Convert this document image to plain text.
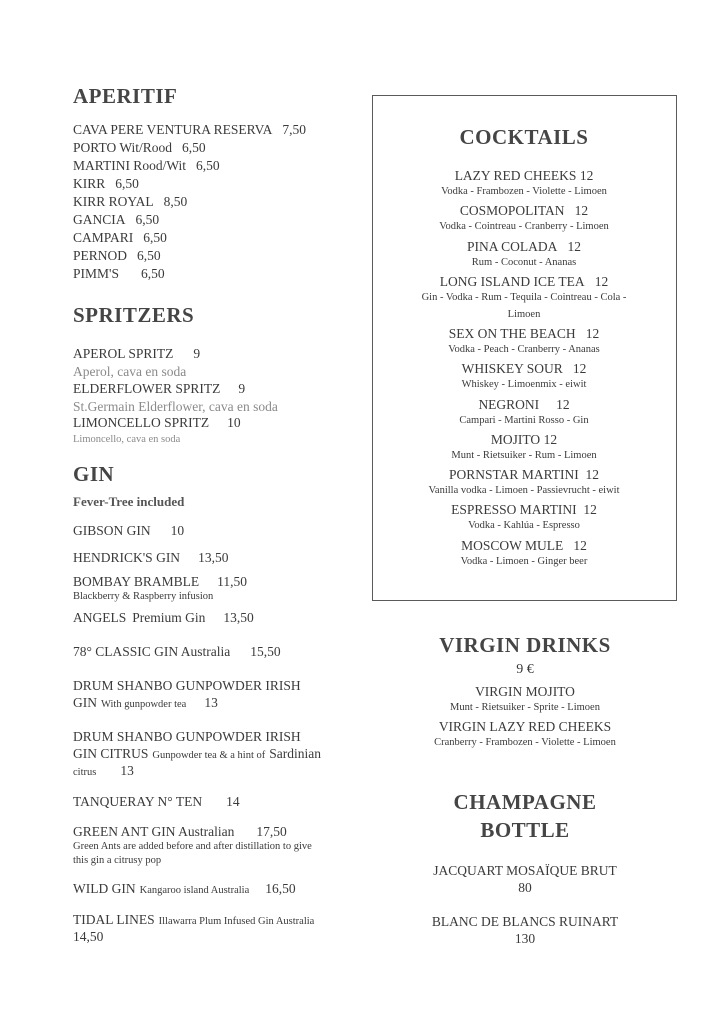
APERITIF
CAVA PERE VENTURA RESERVA 7,50
PORTO Wit/Rood 6,50
MARTINI Rood/Wit 6,50
KIRR 6,50
KIRR ROYAL 8,50
GANCIA 6,50
CAMPARI 6,50
PERNOD 6,50
PIMM'S 6,50
SPRITZERS
APEROL SPRITZ 9
Aperol, cava en soda
ELDERFLOWER SPRITZ 9
St.Germain Elderflower, cava en soda
LIMONCELLO SPRITZ 10
Limoncello, cava en soda
GIN
Fever-Tree included
GIBSON GIN 10
HENDRICK'S GIN 13,50
BOMBAY BRAMBLE 11,50
Blackberry & Raspberry infusion
ANGELS Premium Gin 13,50
78° CLASSIC GIN Australia 15,50
DRUM SHANBO GUNPOWDER IRISH
GIN With gunpowder tea 13
DRUM SHANBO GUNPOWDER IRISH
GIN CITRUS Gunpowder tea & a hint of Sardinian
citrus 13
TANQUERAY N° TEN 14
GREEN ANT GIN Australian 17,50
Green Ants are added before and after distillation to give
this gin a citrusy pop
WILD GIN Kangaroo island Australia 16,50
TIDAL LINES Illawarra Plum Infused Gin Australia
14,50
COCKTAILS
LAZY RED CHEEKS 12
Vodka - Frambozen - Violette - Limoen
COSMOPOLITAN 12
Vodka - Cointreau - Cranberry - Limoen
PINA COLADA 12
Rum - Coconut - Ananas
LONG ISLAND ICE TEA 12
Gin - Vodka - Rum - Tequila - Cointreau - Cola -
Limoen
SEX ON THE BEACH 12
Vodka - Peach - Cranberry - Ananas
WHISKEY SOUR 12
Whiskey - Limoenmix - eiwit
NEGRONI 12
Campari - Martini Rosso - Gin
MOJITO 12
Munt - Rietsuiker - Rum - Limoen
PORNSTAR MARTINI 12
Vanilla vodka - Limoen - Passievrucht - eiwit
ESPRESSO MARTINI 12
Vodka - Kahlúa - Espresso
MOSCOW MULE 12
Vodka - Limoen - Ginger beer
VIRGIN DRINKS
9 €
VIRGIN MOJITO
Munt - Rietsuiker - Sprite - Limoen
VIRGIN LAZY RED CHEEKS
Cranberry - Frambozen - Violette - Limoen
CHAMPAGNE
BOTTLE
JACQUART MOSAÏQUE BRUT
80
BLANC DE BLANCS RUINART
130
